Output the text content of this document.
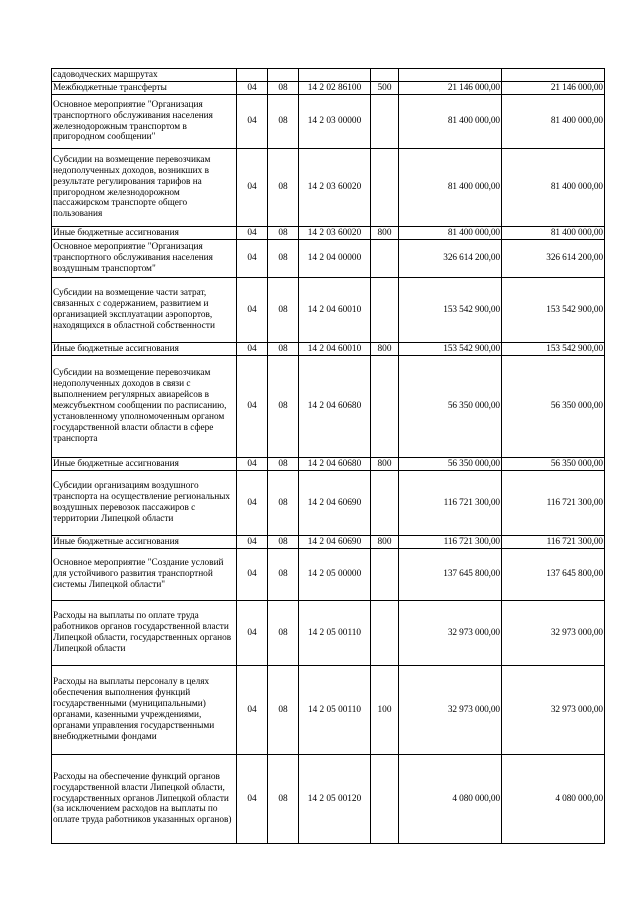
садоводческих маршрутах						
Межбюджетные трансферты	04	08	14 2 02 86100	500	21 146 000,00	21 146 000,00
Основное мероприятие "Организация транспортного обслуживания населения железнодорожным транспортом в пригородном сообщении"	04	08	14 2 03 00000		81 400 000,00	81 400 000,00
Субсидии на возмещение перевозчикам недополученных доходов, возникших в результате регулирования тарифов на пригородном железнодорожном пассажирском транспорте общего пользования	04	08	14 2 03 60020		81 400 000,00	81 400 000,00
Иные бюджетные ассигнования	04	08	14 2 03 60020	800	81 400 000,00	81 400 000,00
Основное мероприятие "Организация транспортного обслуживания населения воздушным транспортом"	04	08	14 2 04 00000		326 614 200,00	326 614 200,00
Субсидии на возмещение части затрат, связанных с содержанием, развитием и организацией эксплуатации аэропортов, находящихся в областной собственности	04	08	14 2 04 60010		153 542 900,00	153 542 900,00
Иные бюджетные ассигнования	04	08	14 2 04 60010	800	153 542 900,00	153 542 900,00
Субсидии на возмещение перевозчикам недополученных доходов в связи с выполнением регулярных авиарейсов в межсубъектном сообщении по расписанию, установленному уполномоченным органом государственной власти области в сфере транспорта	04	08	14 2 04 60680		56 350 000,00	56 350 000,00
Иные бюджетные ассигнования	04	08	14 2 04 60680	800	56 350 000,00	56 350 000,00
Субсидии организациям воздушного транспорта на осуществление региональных воздушных перевозок пассажиров с территории Липецкой области	04	08	14 2 04 60690		116 721 300,00	116 721 300,00
Иные бюджетные ассигнования	04	08	14 2 04 60690	800	116 721 300,00	116 721 300,00
Основное мероприятие "Создание условий для устойчивого развития транспортной системы Липецкой области"	04	08	14 2 05 00000		137 645 800,00	137 645 800,00
Расходы на выплаты по оплате труда работников органов государственной власти Липецкой области, государственных органов Липецкой области	04	08	14 2 05 00110		32 973 000,00	32 973 000,00
Расходы на выплаты персоналу в целях обеспечения выполнения функций государственными (муниципальными) органами, казенными учреждениями, органами управления государственными внебюджетными фондами	04	08	14 2 05 00110	100	32 973 000,00	32 973 000,00
Расходы на обеспечение функций органов государственной власти Липецкой области, государственных органов Липецкой области (за исключением расходов на выплаты по оплате труда работников указанных органов)	04	08	14 2 05 00120		4 080 000,00	4 080 000,00
